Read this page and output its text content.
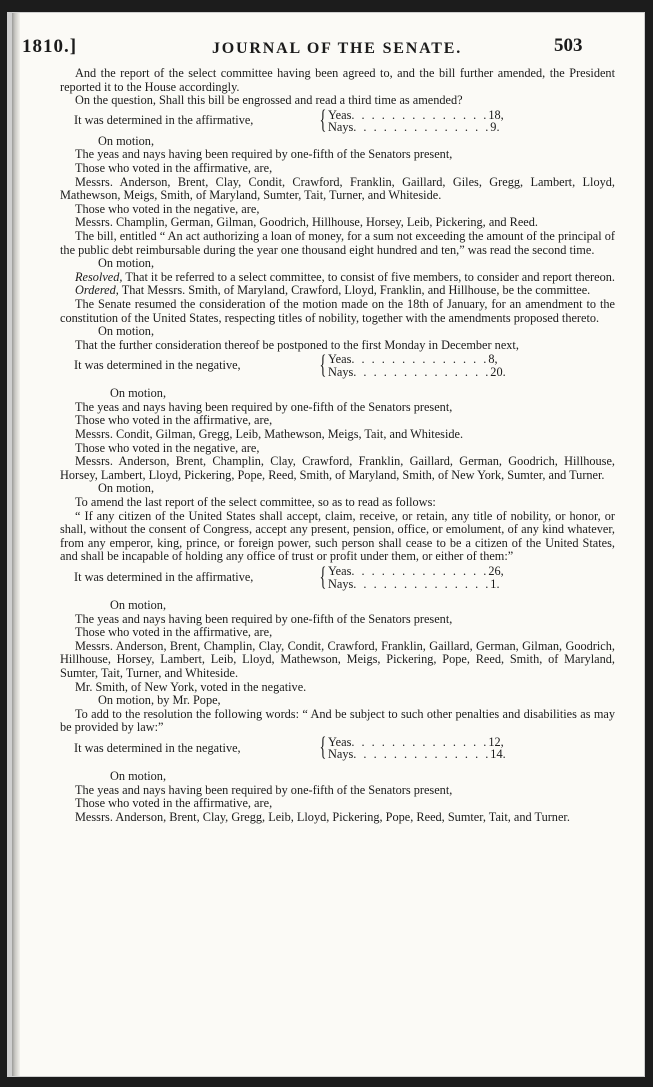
1810.]	JOURNAL OF THE SENATE.	503

And the report of the select committee having been agreed to, and the bill further amended, the President reported it to the House accordingly.

On the question, Shall this bill be engrossed and read a third time as amended?

It was determined in the affirmative,	{ Yeas . . . . . . . . . . . . . . 18,
Nays . . . . . . . . . . . . . . 9.

On motion,

The yeas and nays having been required by one-fifth of the Senators present,

Those who voted in the affirmative, are,

Messrs. Anderson, Brent, Clay, Condit, Crawford, Franklin, Gaillard, Giles, Gregg, Lambert, Lloyd, Mathewson, Meigs, Smith, of Maryland, Sumter, Tait, Turner, and Whiteside.

Those who voted in the negative, are,

Messrs. Champlin, German, Gilman, Goodrich, Hillhouse, Horsey, Leib, Pickering, and Reed.

The bill, entitled “ An act authorizing a loan of money, for a sum not exceeding the amount of the principal of the public debt reimbursable during the year one thousand eight hundred and ten,” was read the second time.

On motion,

Resolved, That it be referred to a select committee, to consist of five members, to consider and report thereon.

Ordered, That Messrs. Smith, of Maryland, Crawford, Lloyd, Franklin, and Hillhouse, be the committee.

The Senate resumed the consideration of the motion made on the 18th of January, for an amendment to the constitution of the United States, respecting titles of nobility, together with the amendments proposed thereto.

On motion,

That the further consideration thereof be postponed to the first Monday in December next,

It was determined in the negative,	{ Yeas . . . . . . . . . . . . . . 8,
Nays . . . . . . . . . . . . . . 20.

On motion,

The yeas and nays having been required by one-fifth of the Senators present,

Those who voted in the affirmative, are,

Messrs. Condit, Gilman, Gregg, Leib, Mathewson, Meigs, Tait, and Whiteside.

Those who voted in the negative, are,

Messrs. Anderson, Brent, Champlin, Clay, Crawford, Franklin, Gaillard, German, Goodrich, Hillhouse, Horsey, Lambert, Lloyd, Pickering, Pope, Reed, Smith, of Maryland, Smith, of New York, Sumter, and Turner.

On motion,

To amend the last report of the select committee, so as to read as follows:

“ If any citizen of the United States shall accept, claim, receive, or retain, any title of nobility, or honor, or shall, without the consent of Congress, accept any present, pension, office, or emolument, of any kind whatever, from any emperor, king, prince, or foreign power, such person shall cease to be a citizen of the United States, and shall be incapable of holding any office of trust or profit under them, or either of them:”

It was determined in the affirmative,	{ Yeas . . . . . . . . . . . . . . 26,
Nays . . . . . . . . . . . . . . 1.

On motion,

The yeas and nays having been required by one-fifth of the Senators present,

Those who voted in the affirmative, are,

Messrs. Anderson, Brent, Champlin, Clay, Condit, Crawford, Franklin, Gaillard, German, Gilman, Goodrich, Hillhouse, Horsey, Lambert, Leib, Lloyd, Mathewson, Meigs, Pickering, Pope, Reed, Smith, of Maryland, Sumter, Tait, Turner, and Whiteside.

Mr. Smith, of New York, voted in the negative.

On motion, by Mr. Pope,

To add to the resolution the following words: “ And be subject to such other penalties and disabilities as may be provided by law:”

It was determined in the negative,	{ Yeas . . . . . . . . . . . . . . 12,
Nays . . . . . . . . . . . . . . 14.

On motion,

The yeas and nays having been required by one-fifth of the Senators present,

Those who voted in the affirmative, are,

Messrs. Anderson, Brent, Clay, Gregg, Leib, Lloyd, Pickering, Pope, Reed, Sumter, Tait, and Turner.
